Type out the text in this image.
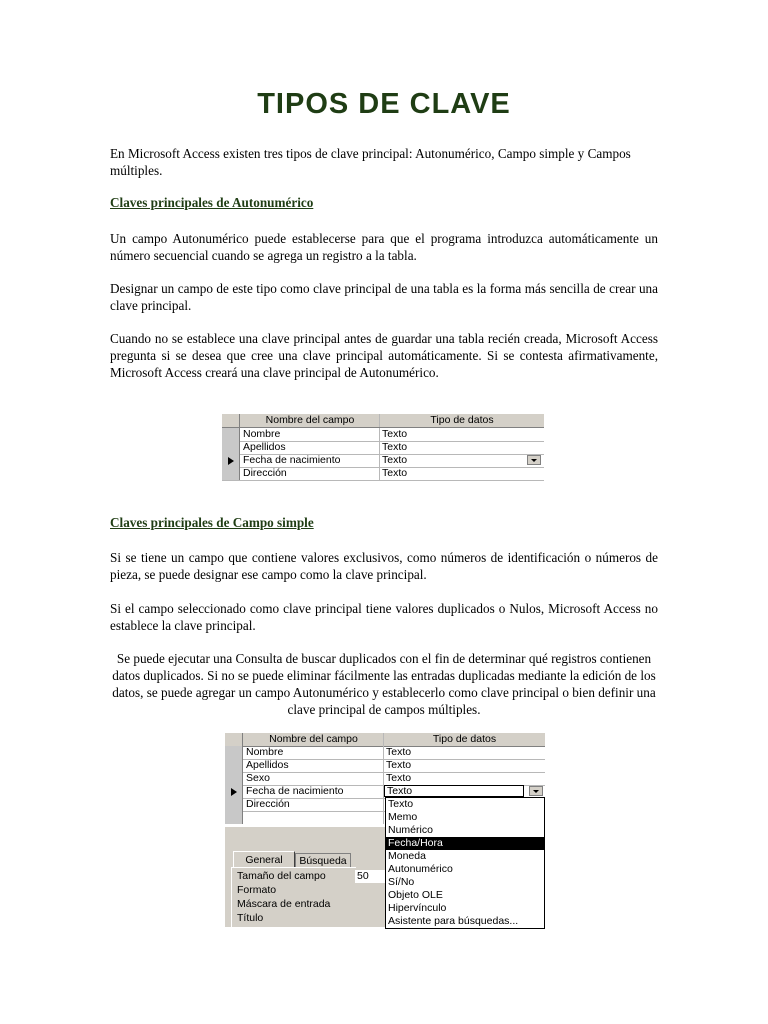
TIPOS DE CLAVE

En Microsoft Access existen tres tipos de clave principal: Autonumérico, Campo simple y Campos múltiples.

Claves principales de Autonumérico

Un campo Autonumérico puede establecerse para que el programa introduzca automáticamente un número secuencial cuando se agrega un registro a la tabla.

Designar un campo de este tipo como clave principal de una tabla es la forma más sencilla de crear una clave principal.

Cuando no se establece una clave principal antes de guardar una tabla recién creada, Microsoft Access pregunta si se desea que cree una clave principal automáticamente. Si se contesta afirmativamente, Microsoft Access creará una clave principal de Autonumérico.

Nombre del campo	Tipo de datos
Nombre	Texto
Apellidos	Texto
Fecha de nacimiento	Texto
Dirección	Texto

Claves principales de Campo simple

Si se tiene un campo que contiene valores exclusivos, como números de identificación o números de pieza, se puede designar ese campo como la clave principal.

Si el campo seleccionado como clave principal tiene valores duplicados o Nulos, Microsoft Access no establece la clave principal.

Se puede ejecutar una Consulta de buscar duplicados con el fin de determinar qué registros contienen datos duplicados. Si no se puede eliminar fácilmente las entradas duplicadas mediante la edición de los datos, se puede agregar un campo Autonumérico y establecerlo como clave principal o bien definir una clave principal de campos múltiples.

Nombre del campo	Tipo de datos
Nombre	Texto
Apellidos	Texto
Sexo	Texto
Fecha de nacimiento	Texto
Dirección
General	Búsqueda
Tamaño del campo	50
Formato
Máscara de entrada
Título
Texto
Memo
Numérico
Fecha/Hora
Moneda
Autonumérico
Sí/No
Objeto OLE
Hipervínculo
Asistente para búsquedas...
